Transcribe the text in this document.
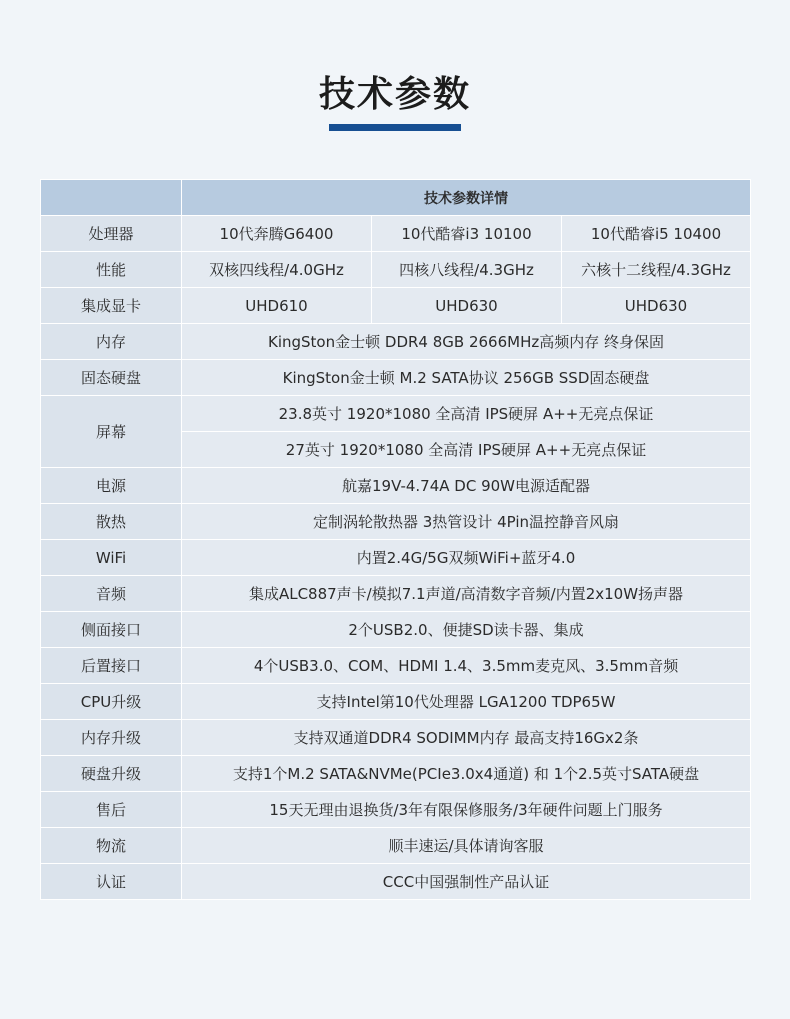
技术参数
	技术参数详情		
处理器	10代奔腾G6400	10代酷睿i3 10100	10代酷睿i5 10400
性能	双核四线程/4.0GHz	四核八线程/4.3GHz	六核十二线程/4.3GHz
集成显卡	UHD610	UHD630	UHD630
内存	KingSton金士顿 DDR4 8GB 2666MHz高频内存 终身保固		
固态硬盘	KingSton金士顿 M.2 SATA协议 256GB SSD固态硬盘		
屏幕	23.8英寸 1920*1080 全高清 IPS硬屏 A++无亮点保证		
	27英寸 1920*1080 全高清 IPS硬屏 A++无亮点保证		
电源	航嘉19V-4.74A DC 90W电源适配器		
散热	定制涡轮散热器 3热管设计 4Pin温控静音风扇		
WiFi	内置2.4G/5G双频WiFi+蓝牙4.0		
音频	集成ALC887声卡/模拟7.1声道/高清数字音频/内置2x10W扬声器		
侧面接口	2个USB2.0、便捷SD读卡器、集成		
后置接口	4个USB3.0、COM、HDMI 1.4、3.5mm麦克风、3.5mm音频		
CPU升级	支持Intel第10代处理器 LGA1200 TDP65W		
内存升级	支持双通道DDR4 SODIMM内存 最高支持16Gx2条		
硬盘升级	支持1个M.2 SATA&NVMe(PCIe3.0x4通道) 和 1个2.5英寸SATA硬盘		
售后	15天无理由退换货/3年有限保修服务/3年硬件问题上门服务		
物流	顺丰速运/具体请询客服		
认证	CCC中国强制性产品认证		
